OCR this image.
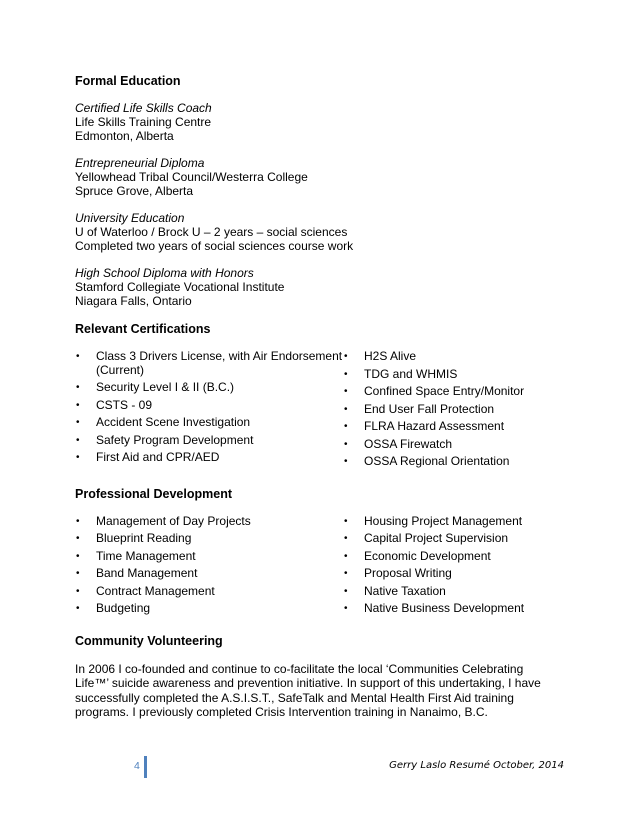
Formal Education
Certified Life Skills Coach
Life Skills Training Centre
Edmonton, Alberta
Entrepreneurial Diploma
Yellowhead Tribal Council/Westerra College
Spruce Grove, Alberta
University Education
U of Waterloo / Brock U – 2 years – social sciences
Completed two years of social sciences course work
High School Diploma with Honors
Stamford Collegiate Vocational Institute
Niagara Falls, Ontario
Relevant Certifications
• Class 3 Drivers License, with Air Endorsement (Current)
• Security Level I & II (B.C.)
• CSTS - 09
• Accident Scene Investigation
• Safety Program Development
• First Aid and CPR/AED
• H2S Alive
• TDG and WHMIS
• Confined Space Entry/Monitor
• End User Fall Protection
• FLRA Hazard Assessment
• OSSA Firewatch
• OSSA Regional Orientation
Professional Development
• Management of Day Projects
• Blueprint Reading
• Time Management
• Band Management
• Contract Management
• Budgeting
• Housing Project Management
• Capital Project Supervision
• Economic Development
• Proposal Writing
• Native Taxation
• Native Business Development
Community Volunteering
In 2006 I co-founded and continue to co-facilitate the local ‘Communities Celebrating Life™’ suicide awareness and prevention initiative. In support of this undertaking, I have successfully completed the A.S.I.S.T., SafeTalk and Mental Health First Aid training programs. I previously completed Crisis Intervention training in Nanaimo, B.C.
4	Gerry Laslo Resumé October, 2014
